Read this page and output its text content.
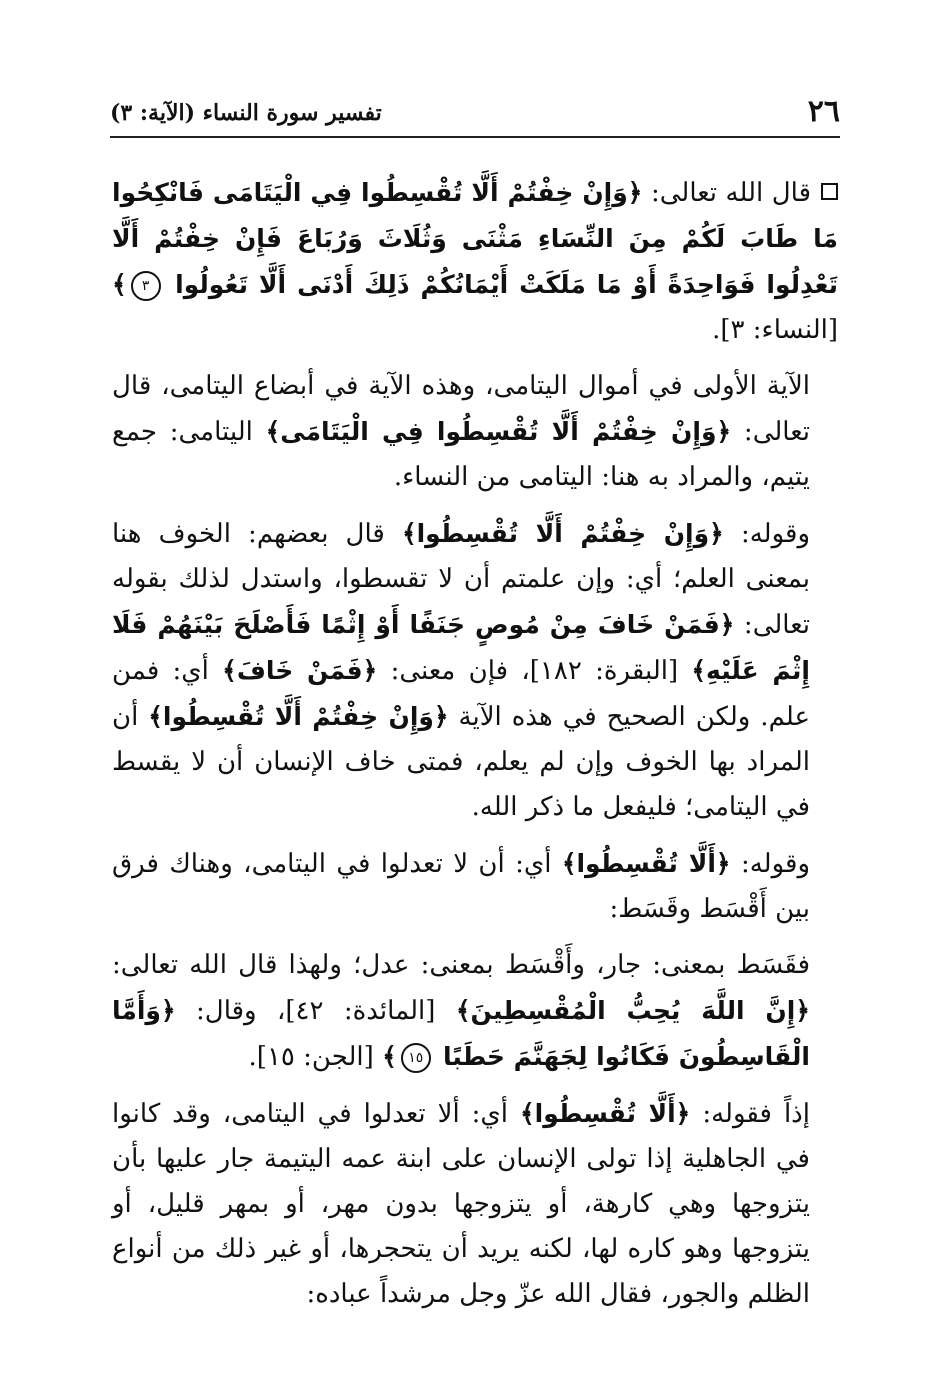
٢٦
تفسير سورة النساء (الآية: ٣)

قال الله تعالى: ﴿وَإِنْ خِفْتُمْ أَلَّا تُقْسِطُوا فِي الْيَتَامَى فَانْكِحُوا مَا طَابَ لَكُمْ مِنَ النِّسَاءِ مَثْنَى وَثُلَاثَ وَرُبَاعَ فَإِنْ خِفْتُمْ أَلَّا تَعْدِلُوا فَوَاحِدَةً أَوْ مَا مَلَكَتْ أَيْمَانُكُمْ ذَلِكَ أَدْنَى أَلَّا تَعُولُوا ٣﴾ [النساء: ٣].

الآية الأولى في أموال اليتامى، وهذه الآية في أبضاع اليتامى، قال تعالى: ﴿وَإِنْ خِفْتُمْ أَلَّا تُقْسِطُوا فِي الْيَتَامَى﴾ اليتامى: جمع يتيم، والمراد به هنا: اليتامى من النساء.

وقوله: ﴿وَإِنْ خِفْتُمْ أَلَّا تُقْسِطُوا﴾ قال بعضهم: الخوف هنا بمعنى العلم؛ أي: وإن علمتم أن لا تقسطوا، واستدل لذلك بقوله تعالى: ﴿فَمَنْ خَافَ مِنْ مُوصٍ جَنَفًا أَوْ إِثْمًا فَأَصْلَحَ بَيْنَهُمْ فَلَا إِثْمَ عَلَيْهِ﴾ [البقرة: ١٨٢]، فإن معنى: ﴿فَمَنْ خَافَ﴾ أي: فمن علم. ولكن الصحيح في هذه الآية ﴿وَإِنْ خِفْتُمْ أَلَّا تُقْسِطُوا﴾ أن المراد بها الخوف وإن لم يعلم، فمتى خاف الإنسان أن لا يقسط في اليتامى؛ فليفعل ما ذكر الله.

وقوله: ﴿أَلَّا تُقْسِطُوا﴾ أي: أن لا تعدلوا في اليتامى، وهناك فرق بين أَقْسَط وقَسَط:

فقَسَط بمعنى: جار، وأَقْسَط بمعنى: عدل؛ ولهذا قال الله تعالى: ﴿إِنَّ اللَّهَ يُحِبُّ الْمُقْسِطِينَ﴾ [المائدة: ٤٢]، وقال: ﴿وَأَمَّا الْقَاسِطُونَ فَكَانُوا لِجَهَنَّمَ حَطَبًا ١٥﴾ [الجن: ١٥].

إذاً فقوله: ﴿أَلَّا تُقْسِطُوا﴾ أي: ألا تعدلوا في اليتامى، وقد كانوا في الجاهلية إذا تولى الإنسان على ابنة عمه اليتيمة جار عليها بأن يتزوجها وهي كارهة، أو يتزوجها بدون مهر، أو بمهر قليل، أو يتزوجها وهو كاره لها، لكنه يريد أن يتحجرها، أو غير ذلك من أنواع الظلم والجور، فقال الله عزّ وجل مرشداً عباده:
